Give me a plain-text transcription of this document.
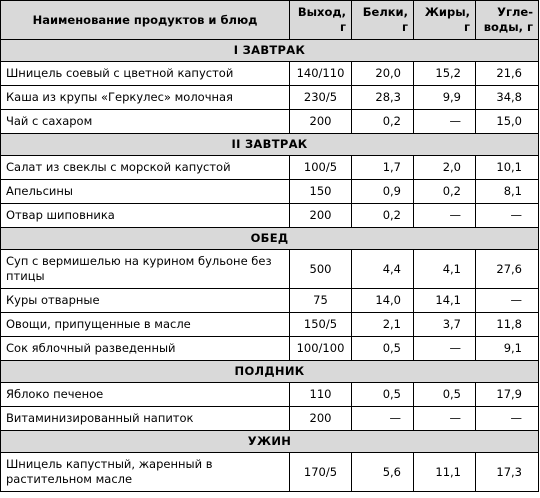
Наименование продуктов и блюд	Выход, г	Белки, г	Жиры, г	Угле-
воды, г
I ЗАВТРАК				
Шницель соевый с цветной капустой	140/110	20,0	15,2	21,6
Каша из крупы «Геркулес» молочная	230/5	28,3	9,9	34,8
Чай с сахаром	200	0,2	—	15,0
II ЗАВТРАК				
Салат из свеклы с морской капустой	100/5	1,7	2,0	10,1
Апельсины	150	0,9	0,2	8,1
Отвар шиповника	200	0,2	—	—
ОБЕД				
Суп с вермишелью на курином бульоне без птицы	500	4,4	4,1	27,6
Куры отварные	75	14,0	14,1	—
Овощи, припущенные в масле	150/5	2,1	3,7	11,8
Сок яблочный разведенный	100/100	0,5	—	9,1
ПОЛДНИК				
Яблоко печеное	110	0,5	0,5	17,9
Витаминизированный напиток	200	—	—	—
УЖИН				
Шницель капустный, жаренный в растительном масле	170/5	5,6	11,1	17,3
